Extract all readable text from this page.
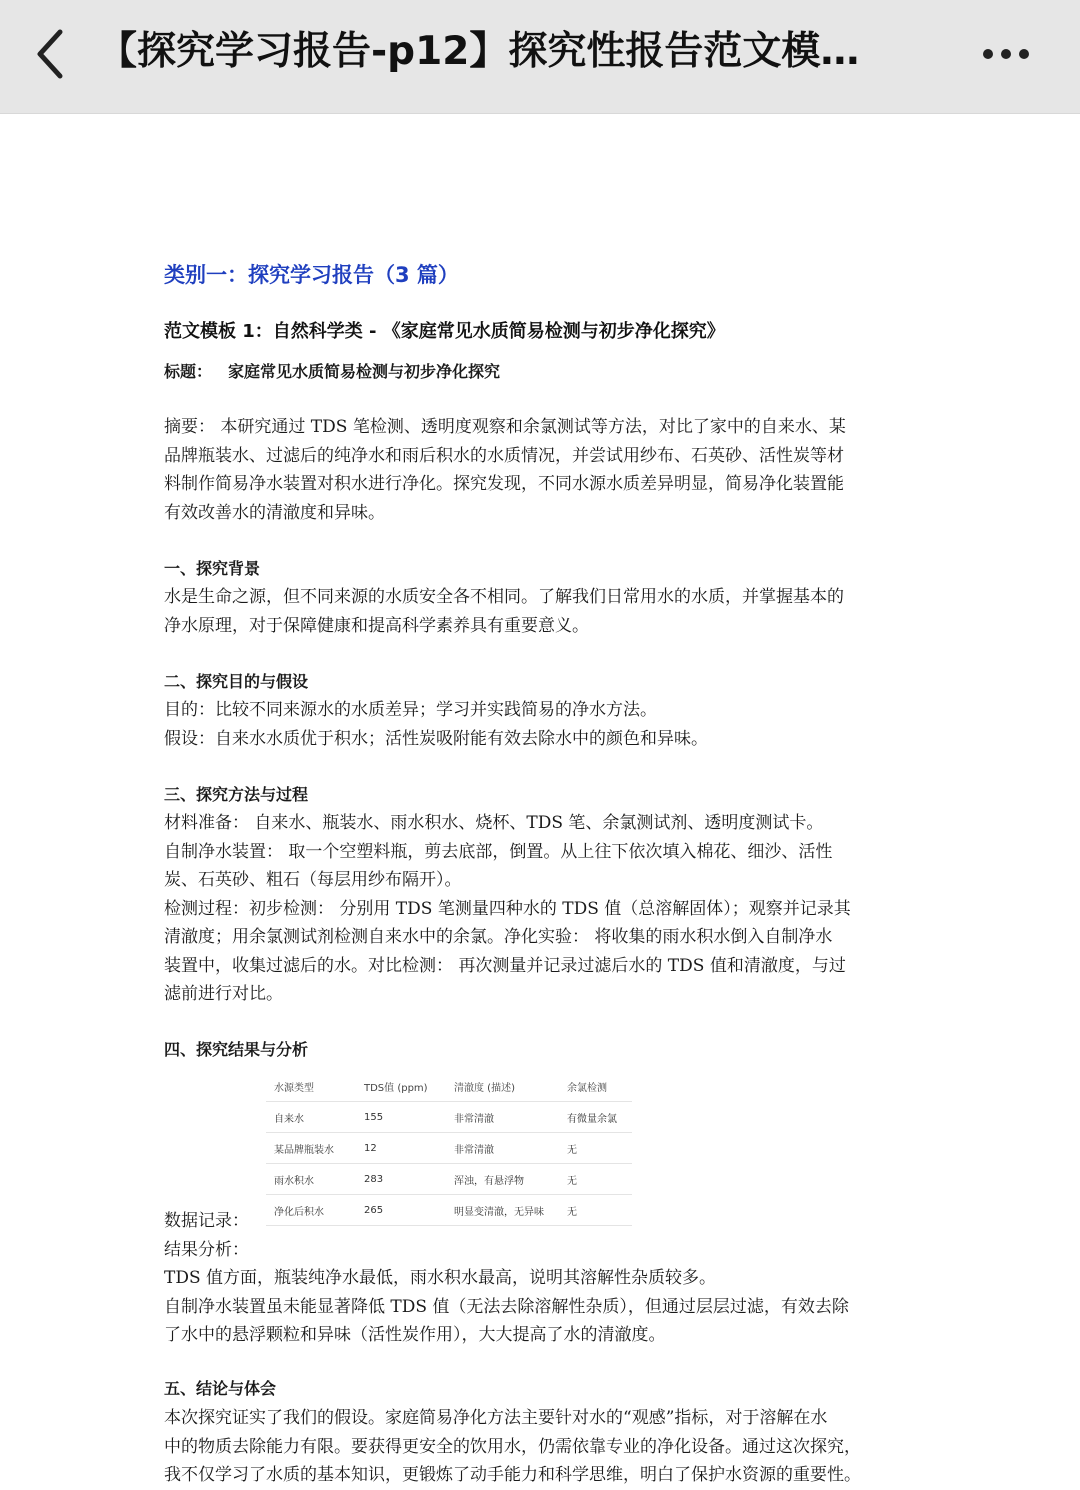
【探究学习报告-p12】探究性报告范文模…
类别一：探究学习报告（3 篇）
范文模板 1：自然科学类 - 《家庭常见水质简易检测与初步净化探究》
标题： 家庭常见水质简易检测与初步净化探究
摘要： 本研究通过 TDS 笔检测、透明度观察和余氯测试等方法，对比了家中的自来水、某
品牌瓶装水、过滤后的纯净水和雨后积水的水质情况，并尝试用纱布、石英砂、活性炭等材
料制作简易净水装置对积水进行净化。探究发现，不同水源水质差异明显，简易净化装置能
有效改善水的清澈度和异味。
一、探究背景
水是生命之源，但不同来源的水质安全各不相同。了解我们日常用水的水质，并掌握基本的
净水原理，对于保障健康和提高科学素养具有重要意义。
二、探究目的与假设
目的：比较不同来源水的水质差异；学习并实践简易的净水方法。
假设：自来水水质优于积水；活性炭吸附能有效去除水中的颜色和异味。
三、探究方法与过程
材料准备： 自来水、瓶装水、雨水积水、烧杯、TDS 笔、余氯测试剂、透明度测试卡。
自制净水装置： 取一个空塑料瓶，剪去底部，倒置。从上往下依次填入棉花、细沙、活性
炭、石英砂、粗石（每层用纱布隔开）。
检测过程：初步检测： 分别用 TDS 笔测量四种水的 TDS 值（总溶解固体）；观察并记录其
清澈度；用余氯测试剂检测自来水中的余氯。净化实验： 将收集的雨水积水倒入自制净水
装置中，收集过滤后的水。对比检测： 再次测量并记录过滤后水的 TDS 值和清澈度，与过
滤前进行对比。
四、探究结果与分析
水源类型	TDS值 (ppm)	清澈度 (描述)	余氯检测
自来水	155	非常清澈	有微量余氯
某品牌瓶装水	12	非常清澈	无
雨水积水	283	浑浊，有悬浮物	无
净化后积水	265	明显变清澈，无异味	无
数据记录：
结果分析：
TDS 值方面，瓶装纯净水最低，雨水积水最高，说明其溶解性杂质较多。
自制净水装置虽未能显著降低 TDS 值（无法去除溶解性杂质），但通过层层过滤，有效去除
了水中的悬浮颗粒和异味（活性炭作用），大大提高了水的清澈度。
五、结论与体会
本次探究证实了我们的假设。家庭简易净化方法主要针对水的“观感”指标，对于溶解在水
中的物质去除能力有限。要获得更安全的饮用水，仍需依靠专业的净化设备。通过这次探究，
我不仅学习了水质的基本知识，更锻炼了动手能力和科学思维，明白了保护水资源的重要性。
